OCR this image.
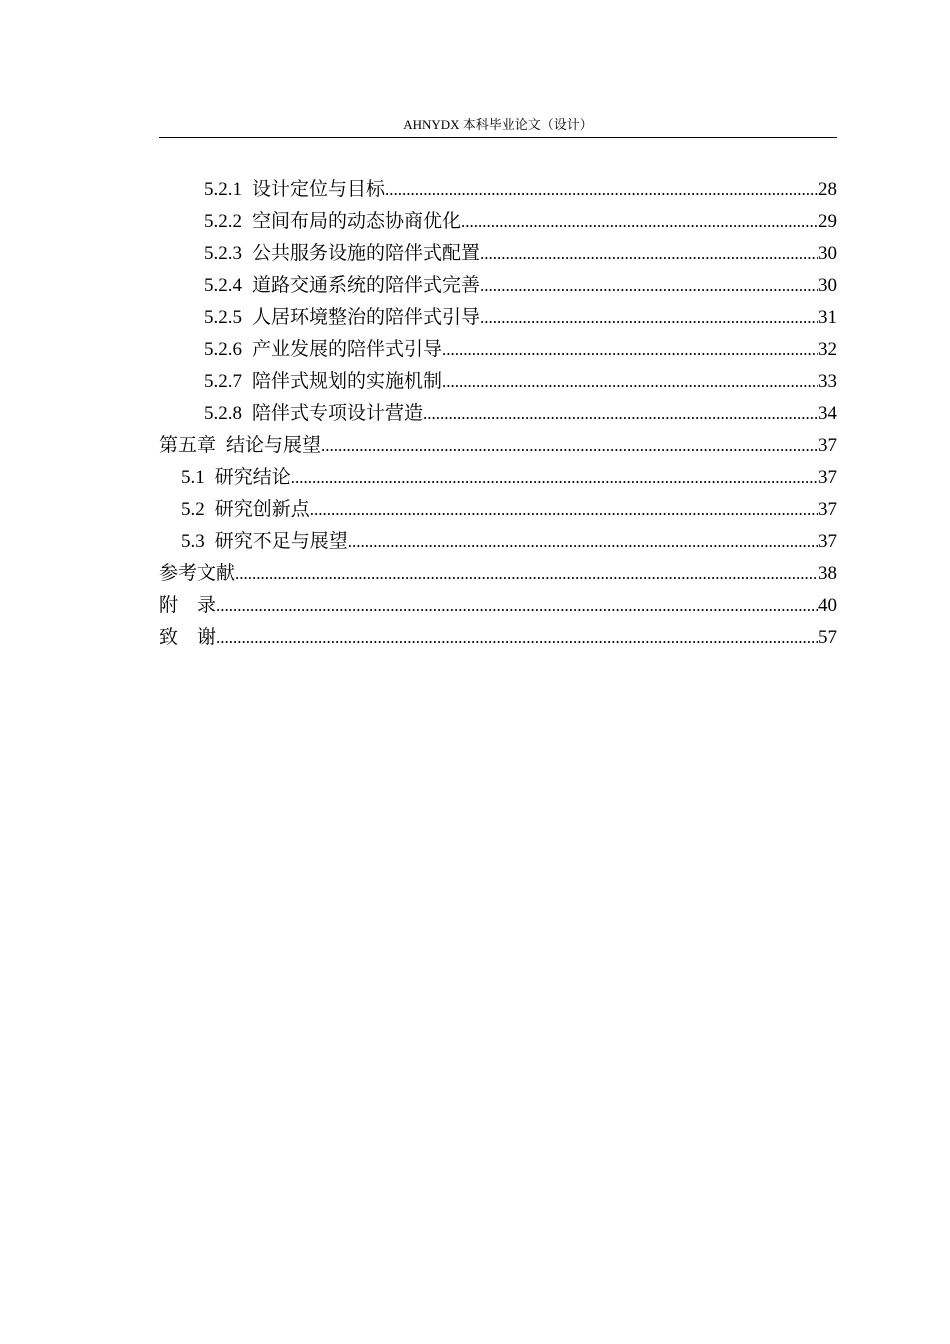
AHNYDX 本科毕业论文（设计）
5.2.1 设计定位与目标 .....	28
5.2.2 空间布局的动态协商优化 .....	29
5.2.3 公共服务设施的陪伴式配置 .....	30
5.2.4 道路交通系统的陪伴式完善 .....	30
5.2.5 人居环境整治的陪伴式引导 .....	31
5.2.6 产业发展的陪伴式引导 .....	32
5.2.7 陪伴式规划的实施机制 .....	33
5.2.8 陪伴式专项设计营造 .....	34
第五章 结论与展望 .....	37
5.1 研究结论 .....	37
5.2 研究创新点 .....	37
5.3 研究不足与展望 .....	37
参考文献 .....	38
附　录 .....	40
致　谢 .....	57
